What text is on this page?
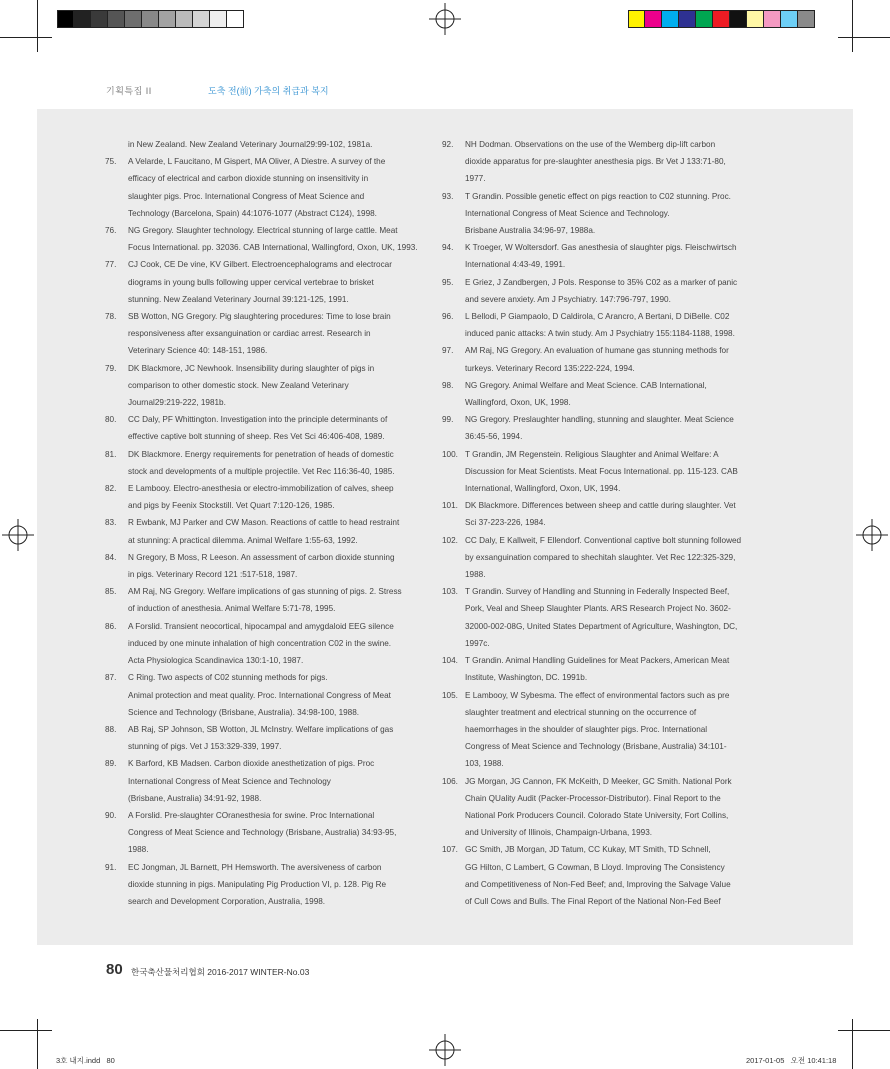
기획특집 II	도축 전(前) 가축의 취급과 복지
in New Zealand. New Zealand Veterinary Journal29:99-102, 1981a.
75.	A Velarde, L Faucitano, M Gispert, MA Oliver, A Diestre. A survey of the
efficacy of electrical and carbon dioxide stunning on insensitivity in
slaughter pigs. Proc. International Congress of Meat Science and
Technology (Barcelona, Spain) 44:1076-1077 (Abstract C124), 1998.
76.	NG Gregory. Slaughter technology. Electrical stunning of large cattle. Meat
Focus International. pp. 32036. CAB International, Wallingford, Oxon, UK, 1993.
77.	CJ Cook, CE De vine, KV Gilbert. Electroencephalograms and electrocar
diograms in young bulls following upper cervical vertebrae to brisket
stunning. New Zealand Veterinary Journal 39:121-125, 1991.
78.	SB Wotton, NG Gregory. Pig slaughtering procedures: Time to lose brain
responsiveness after exsanguination or cardiac arrest. Research in
Veterinary Science 40: 148-151, 1986.
79.	DK Blackmore, JC Newhook. Insensibility during slaughter of pigs in
comparison to other domestic stock. New Zealand Veterinary
Journal29:219-222, 1981b.
80.	CC Daly, PF Whittington. Investigation into the principle determinants of
effective captive bolt stunning of sheep. Res Vet Sci 46:406-408, 1989.
81.	DK Blackmore. Energy requirements for penetration of heads of domestic
stock and developments of a multiple projectile. Vet Rec 116:36-40, 1985.
82.	E Lambooy. Electro-anesthesia or electro-immobilization of calves, sheep
and pigs by Feenix Stockstill. Vet Quart 7:120-126, 1985.
83.	R Ewbank, MJ Parker and CW Mason. Reactions of cattle to head restraint
at stunning: A practical dilemma. Animal Welfare 1:55-63, 1992.
84.	N Gregory, B Moss, R Leeson. An assessment of carbon dioxide stunning
in pigs. Veterinary Record 121 :517-518, 1987.
85.	AM Raj, NG Gregory. Welfare implications of gas stunning of pigs. 2. Stress
of induction of anesthesia. Animal Welfare 5:71-78, 1995.
86.	A Forslid. Transient neocortical, hipocampal and amygdaloid EEG silence
induced by one minute inhalation of high concentration C02 in the swine.
Acta Physiologica Scandinavica 130:1-10, 1987.
87.	C Ring. Two aspects of C02 stunning methods for pigs.
Animal protection and meat quality. Proc. International Congress of Meat
Science and Technology (Brisbane, Australia). 34:98-100, 1988.
88.	AB Raj, SP Johnson, SB Wotton, JL McInstry. Welfare implications of gas
stunning of pigs. Vet J 153:329-339, 1997.
89.	K Barford, KB Madsen. Carbon dioxide anesthetization of pigs. Proc
International Congress of Meat Science and Technology
(Brisbane, Australia) 34:91-92, 1988.
90.	A Forslid. Pre-slaughter COranesthesia for swine. Proc International
Congress of Meat Science and Technology (Brisbane, Australia) 34:93-95,
1988.
91.	EC Jongman, JL Barnett, PH Hemsworth. The aversiveness of carbon
dioxide stunning in pigs. Manipulating Pig Production VI, p. 128. Pig Re
search and Development Corporation, Australia, 1998.
92.	NH Dodman. Observations on the use of the Wemberg dip-lift carbon
dioxide apparatus for pre-slaughter anesthesia pigs. Br Vet J 133:71-80,
1977.
93.	T Grandin. Possible genetic effect on pigs reaction to C02 stunning. Proc.
International Congress of Meat Science and Technology.
Brisbane Australia 34:96-97, 1988a.
94.	K Troeger, W Woltersdorf. Gas anesthesia of slaughter pigs. Fleischwirtsch
International 4:43-49, 1991.
95.	E Griez, J Zandbergen, J Pols. Response to 35% C02 as a marker of panic
and severe anxiety. Am J Psychiatry. 147:796-797, 1990.
96.	L Bellodi, P Giampaolo, D Caldirola, C Arancro, A Bertani, D DiBelle. C02
induced panic attacks: A twin study. Am J Psychiatry 155:1184-1188, 1998.
97.	AM Raj, NG Gregory. An evaluation of humane gas stunning methods for
turkeys. Veterinary Record 135:222-224, 1994.
98.	NG Gregory. Animal Welfare and Meat Science. CAB International,
Wallingford, Oxon, UK, 1998.
99.	NG Gregory. Preslaughter handling, stunning and slaughter. Meat Science
36:45-56, 1994.
100. T Grandin, JM Regenstein. Religious Slaughter and Animal Welfare: A
Discussion for Meat Scientists. Meat Focus International. pp. 115-123. CAB
International, Wallingford, Oxon, UK, 1994.
101. DK Blackmore. Differences between sheep and cattle during slaughter. Vet
Sci 37-223-226, 1984.
102. CC Daly, E Kallweit, F Ellendorf. Conventional captive bolt stunning followed
by exsanguination compared to shechitah slaughter. Vet Rec 122:325-329,
1988.
103. T Grandin. Survey of Handling and Stunning in Federally Inspected Beef,
Pork, Veal and Sheep Slaughter Plants. ARS Research Project No. 3602-
32000-002-08G, United States Department of Agriculture, Washington, DC,
1997c.
104. T Grandin. Animal Handling Guidelines for Meat Packers, American Meat
Institute, Washington, DC. 1991b.
105. E Lambooy, W Sybesma. The effect of environmental factors such as pre
slaughter treatment and electrical stunning on the occurrence of
haemorrhages in the shoulder of slaughter pigs. Proc. International
Congress of Meat Science and Technology (Brisbane, Australia) 34:101-
103, 1988.
106. JG Morgan, JG Cannon, FK McKeith, D Meeker, GC Smith. National Pork
Chain QUality Audit (Packer-Processor-Distributor). Final Report to the
National Pork Producers Council. Colorado State University, Fort Collins,
and University of Illinois, Champaign-Urbana, 1993.
107. GC Smith, JB Morgan, JD Tatum, CC Kukay, MT Smith, TD Schnell,
GG Hilton, C Lambert, G Cowman, B Lloyd. Improving The Consistency
and Competitiveness of Non-Fed Beef; and, Improving the Salvage Value
of Cull Cows and Bulls. The Final Report of the National Non-Fed Beef
80 한국축산물처리협회 2016-2017 WINTER-No.03
3호 내지.indd   80	2017-01-05   오전 10:41:18
